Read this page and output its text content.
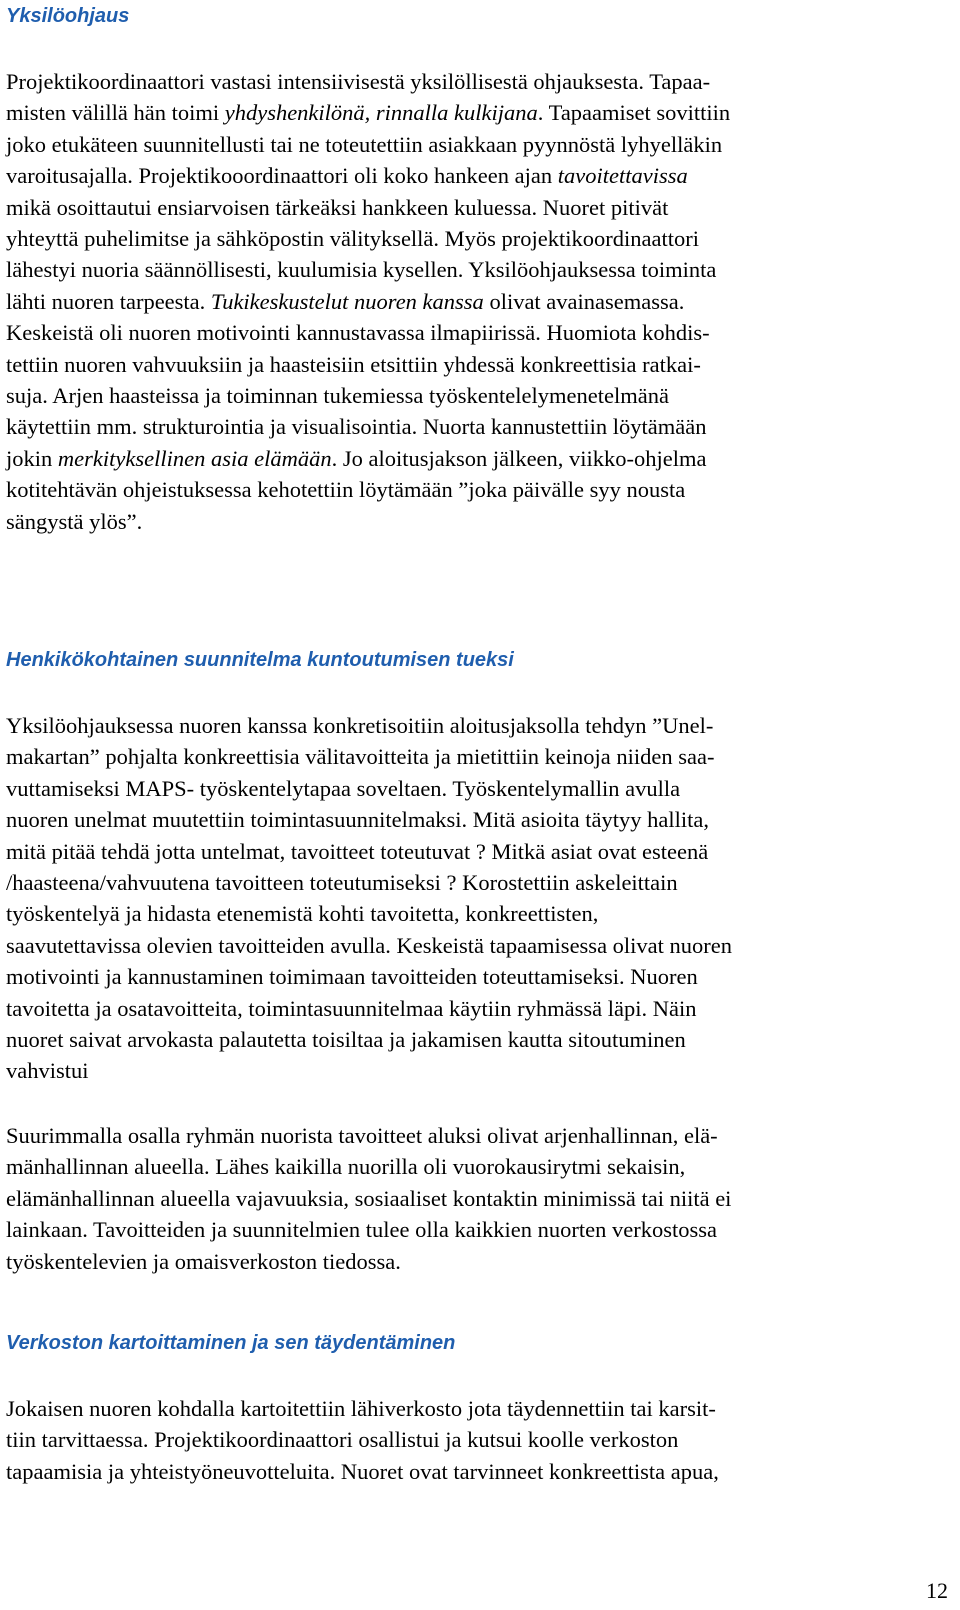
Yksilöohjaus
Projektikoordinaattori vastasi intensiivisestä yksilöllisestä ohjauksesta. Tapaa-
misten välillä hän toimi yhdyshenkilönä, rinnalla kulkijana. Tapaamiset sovittiin
joko etukäteen suunnitellusti tai ne toteutettiin asiakkaan pyynnöstä lyhyelläkin
varoitusajalla. Projektikooordinaattori oli koko hankeen ajan tavoitettavissa
mikä osoittautui ensiarvoisen tärkeäksi hankkeen kuluessa. Nuoret pitivät
yhteyttä puhelimitse ja sähköpostin välityksellä. Myös projektikoordinaattori
lähestyi nuoria säännöllisesti, kuulumisia kysellen. Yksilöohjauksessa toiminta
lähti nuoren tarpeesta. Tukikeskustelut nuoren kanssa olivat avainasemassa.
Keskeistä oli nuoren motivointi kannustavassa ilmapiirissä. Huomiota kohdis-
tettiin nuoren vahvuuksiin ja haasteisiin etsittiin yhdessä konkreettisia ratkai-
suja. Arjen haasteissa ja toiminnan tukemiessa työskentelelymenetelmänä
käytettiin mm. strukturointia ja visualisointia. Nuorta kannustettiin löytämään
jokin merkityksellinen asia elämään. Jo aloitusjakson jälkeen, viikko-ohjelma
kotitehtävän ohjeistuksessa kehotettiin löytämään ”joka päivälle syy nousta
sängystä ylös”.
Henkikökohtainen suunnitelma kuntoutumisen tueksi
Yksilöohjauksessa nuoren kanssa konkretisoitiin aloitusjaksolla tehdyn ”Unel-
makartan” pohjalta konkreettisia välitavoitteita ja mietittiin keinoja niiden saa-
vuttamiseksi MAPS- työskentelytapaa soveltaen. Työskentelymallin avulla
nuoren unelmat muutettiin toimintasuunnitelmaksi. Mitä asioita täytyy hallita,
mitä pitää tehdä jotta untelmat, tavoitteet toteutuvat ? Mitkä asiat ovat esteenä
/haasteena/vahvuutena tavoitteen toteutumiseksi ? Korostettiin askeleittain
työskentelyä ja hidasta etenemistä kohti tavoitetta, konkreettisten,
saavutettavissa olevien tavoitteiden avulla. Keskeistä tapaamisessa olivat nuoren
motivointi ja kannustaminen toimimaan tavoitteiden toteuttamiseksi. Nuoren
tavoitetta ja osatavoitteita, toimintasuunnitelmaa käytiin ryhmässä läpi. Näin
nuoret saivat arvokasta palautetta toisiltaa ja jakamisen kautta sitoutuminen
vahvistui
Suurimmalla osalla ryhmän nuorista tavoitteet aluksi olivat arjenhallinnan, elä-
mänhallinnan alueella. Lähes kaikilla nuorilla oli vuorokausirytmi sekaisin,
elämänhallinnan alueella vajavuuksia, sosiaaliset kontaktin minimissä tai niitä ei
lainkaan. Tavoitteiden ja suunnitelmien tulee olla kaikkien nuorten verkostossa
työskentelevien ja omaisverkoston tiedossa.
Verkoston kartoittaminen ja sen täydentäminen
Jokaisen nuoren kohdalla kartoitettiin lähiverkosto jota täydennettiin tai karsit-
tiin tarvittaessa. Projektikoordinaattori osallistui ja kutsui koolle verkoston
tapaamisia ja yhteistyöneuvotteluita. Nuoret ovat tarvinneet konkreettista apua,
12
